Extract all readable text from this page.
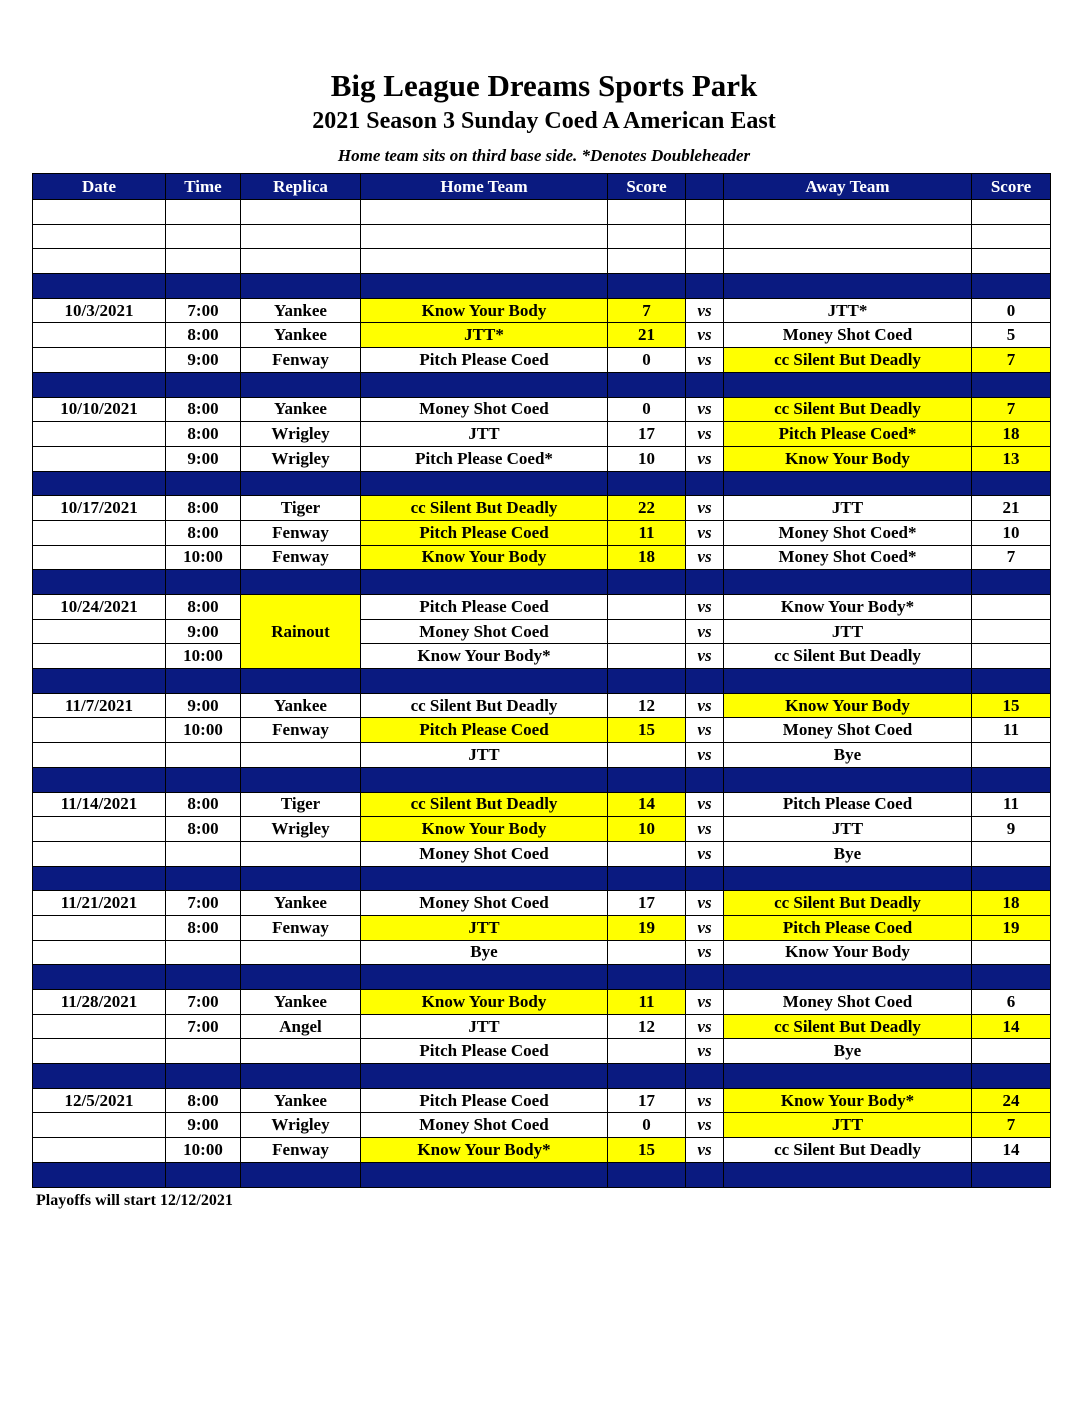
Big League Dreams Sports Park
2021 Season 3 Sunday Coed A American East
Home team sits on third base side. *Denotes Doubleheader
Date	Time	Replica	Home Team	Score		Away Team	Score

10/3/2021	7:00	Yankee	Know Your Body	7	vs	JTT*	0
	8:00	Yankee	JTT*	21	vs	Money Shot Coed	5
	9:00	Fenway	Pitch Please Coed	0	vs	cc Silent But Deadly	7

10/10/2021	8:00	Yankee	Money Shot Coed	0	vs	cc Silent But Deadly	7
	8:00	Wrigley	JTT	17	vs	Pitch Please Coed*	18
	9:00	Wrigley	Pitch Please Coed*	10	vs	Know Your Body	13

10/17/2021	8:00	Tiger	cc Silent But Deadly	22	vs	JTT	21
	8:00	Fenway	Pitch Please Coed	11	vs	Money Shot Coed*	10
	10:00	Fenway	Know Your Body	18	vs	Money Shot Coed*	7

10/24/2021	8:00	Rainout	Pitch Please Coed		vs	Know Your Body*	
	9:00		Money Shot Coed		vs	JTT	
	10:00		Know Your Body*		vs	cc Silent But Deadly	

11/7/2021	9:00	Yankee	cc Silent But Deadly	12	vs	Know Your Body	15
	10:00	Fenway	Pitch Please Coed	15	vs	Money Shot Coed	11
			JTT		vs	Bye	

11/14/2021	8:00	Tiger	cc Silent But Deadly	14	vs	Pitch Please Coed	11
	8:00	Wrigley	Know Your Body	10	vs	JTT	9
			Money Shot Coed		vs	Bye	

11/21/2021	7:00	Yankee	Money Shot Coed	17	vs	cc Silent But Deadly	18
	8:00	Fenway	JTT	19	vs	Pitch Please Coed	19
			Bye		vs	Know Your Body	

11/28/2021	7:00	Yankee	Know Your Body	11	vs	Money Shot Coed	6
	7:00	Angel	JTT	12	vs	cc Silent But Deadly	14
			Pitch Please Coed		vs	Bye	

12/5/2021	8:00	Yankee	Pitch Please Coed	17	vs	Know Your Body*	24
	9:00	Wrigley	Money Shot Coed	0	vs	JTT	7
	10:00	Fenway	Know Your Body*	15	vs	cc Silent But Deadly	14

Playoffs will start 12/12/2021
